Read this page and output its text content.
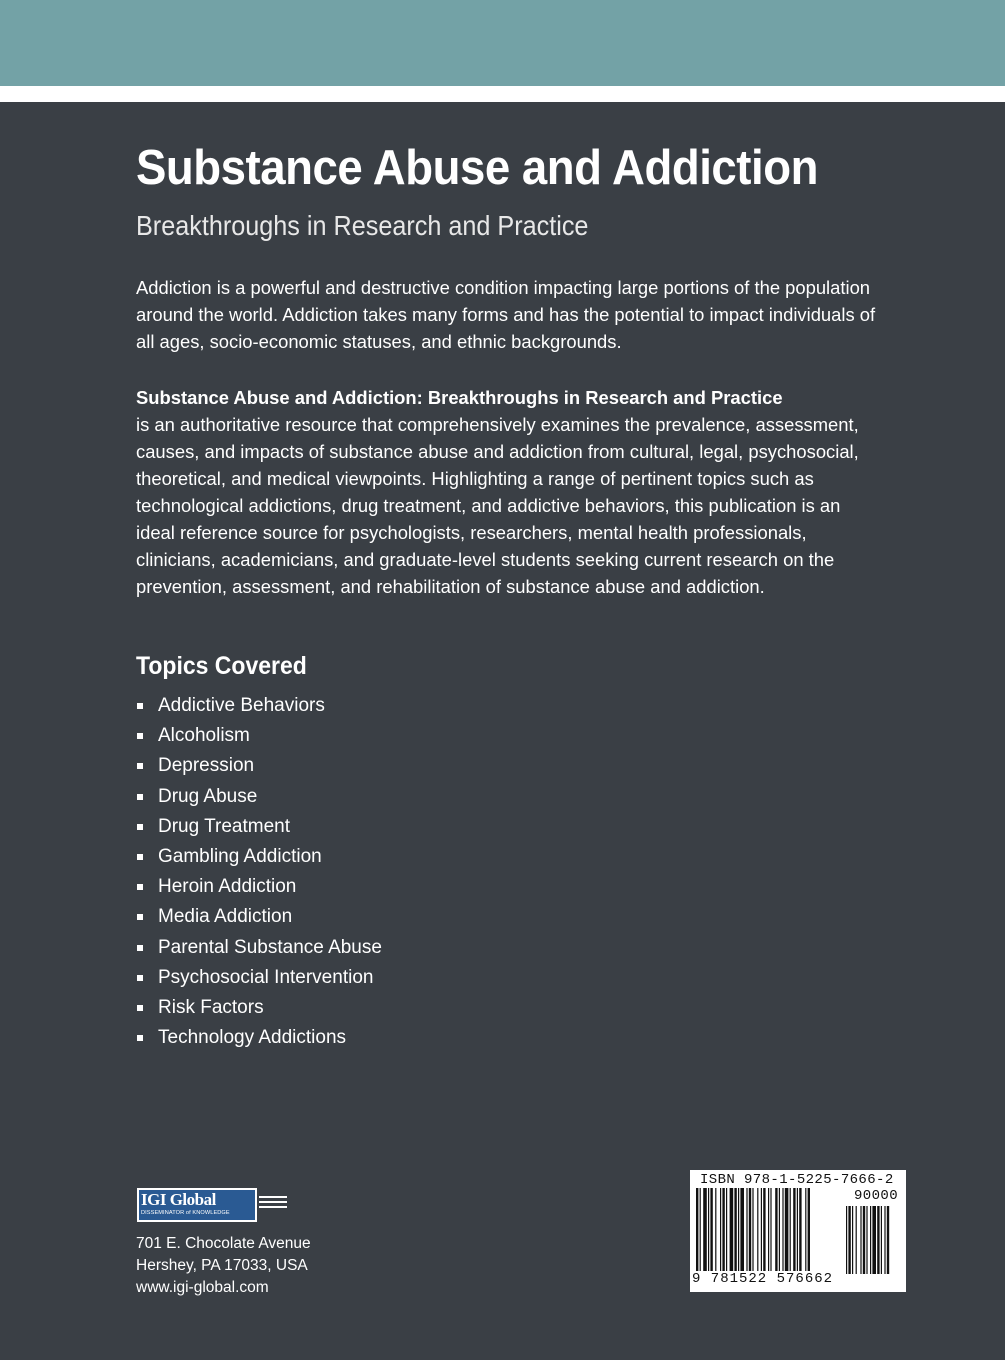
Substance Abuse and Addiction
Breakthroughs in Research and Practice
Addiction is a powerful and destructive condition impacting large portions of the population around the world. Addiction takes many forms and has the potential to impact individuals of all ages, socio-economic statuses, and ethnic backgrounds.
Substance Abuse and Addiction: Breakthroughs in Research and Practice
is an authoritative resource that comprehensively examines the prevalence, assessment, causes, and impacts of substance abuse and addiction from cultural, legal, psychosocial, theoretical, and medical viewpoints. Highlighting a range of pertinent topics such as technological addictions, drug treatment, and addictive behaviors, this publication is an ideal reference source for psychologists, researchers, mental health professionals, clinicians, academicians, and graduate-level students seeking current research on the prevention, assessment, and rehabilitation of substance abuse and addiction.
Topics Covered
Addictive Behaviors
Alcoholism
Depression
Drug Abuse
Drug Treatment
Gambling Addiction
Heroin Addiction
Media Addiction
Parental Substance Abuse
Psychosocial Intervention
Risk Factors
Technology Addictions
IGI Global
DISSEMINATOR of KNOWLEDGE
701 E. Chocolate Avenue
Hershey, PA 17033, USA
www.igi-global.com
ISBN 978-1-5225-7666-2
90000
9 781522 576662
